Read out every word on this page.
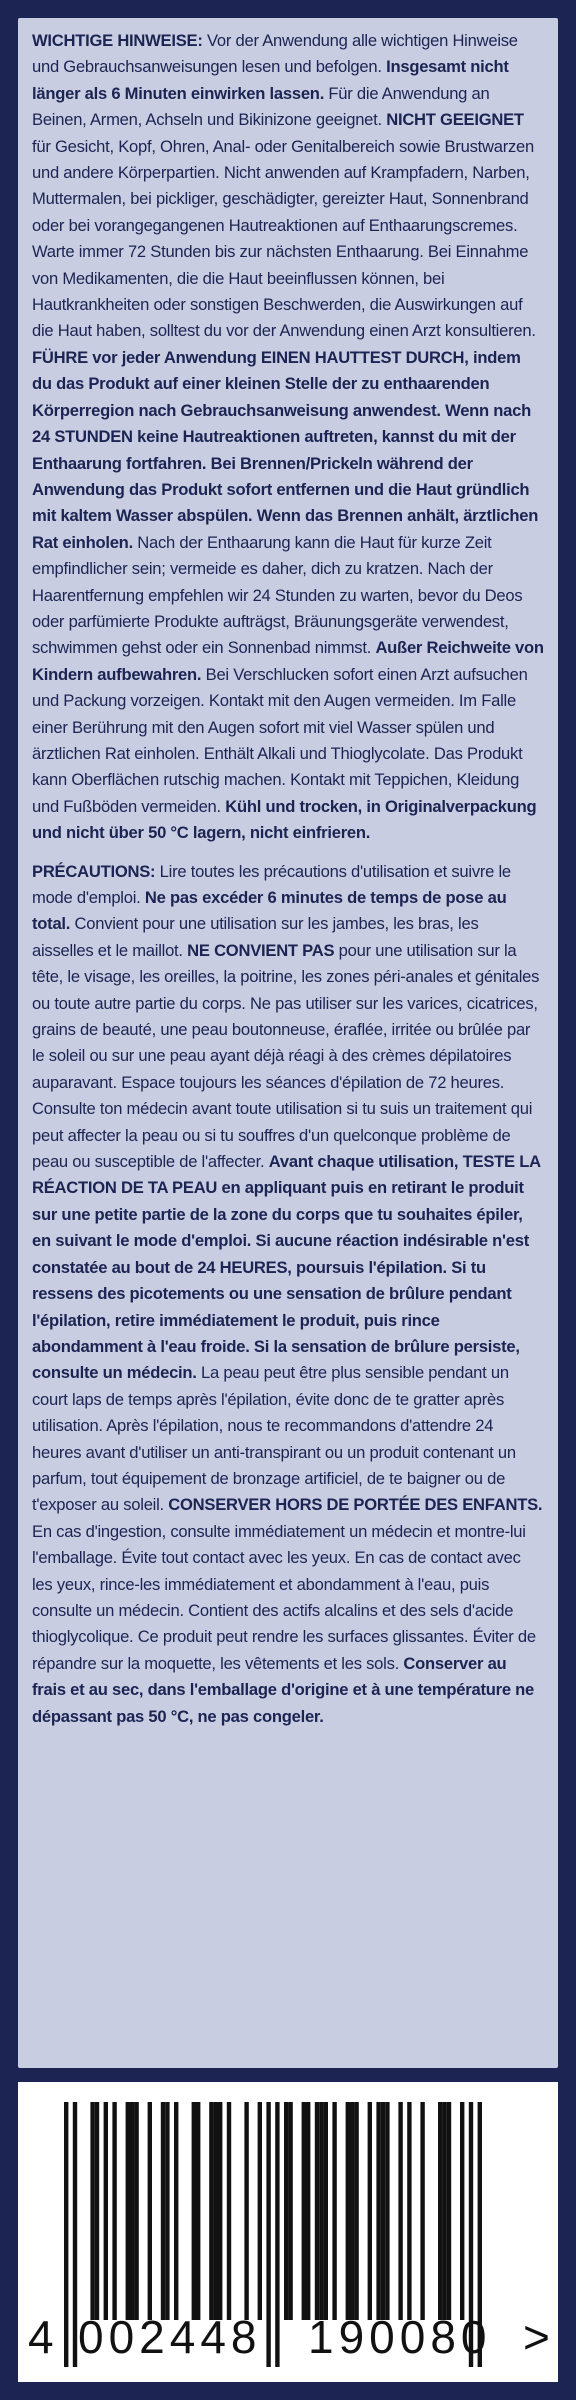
WICHTIGE HINWEISE: Vor der Anwendung alle wichtigen Hinweise und Gebrauchsanweisungen lesen und befolgen. Insgesamt nicht länger als 6 Minuten einwirken lassen. Für die Anwendung an Beinen, Armen, Achseln und Bikinizone geeignet. NICHT GEEIGNET für Gesicht, Kopf, Ohren, Anal- oder Genitalbereich sowie Brustwarzen und andere Körperpartien. Nicht anwenden auf Krampfadern, Narben, Muttermalen, bei pickliger, geschädigter, gereizter Haut, Sonnenbrand oder bei vorangegangenen Hautreaktionen auf Enthaarungscremes. Warte immer 72 Stunden bis zur nächsten Enthaarung. Bei Einnahme von Medikamenten, die die Haut beeinflussen können, bei Hautkrankheiten oder sonstigen Beschwerden, die Auswirkungen auf die Haut haben, solltest du vor der Anwendung einen Arzt konsultieren. FÜHRE vor jeder Anwendung EINEN HAUTTEST DURCH, indem du das Produkt auf einer kleinen Stelle der zu enthaarenden Körperregion nach Gebrauchsanweisung anwendest. Wenn nach 24 STUNDEN keine Hautreaktionen auftreten, kannst du mit der Enthaarung fortfahren. Bei Brennen/Prickeln während der Anwendung das Produkt sofort entfernen und die Haut gründlich mit kaltem Wasser abspülen. Wenn das Brennen anhält, ärztlichen Rat einholen. Nach der Enthaarung kann die Haut für kurze Zeit empfindlicher sein; vermeide es daher, dich zu kratzen. Nach der Haarentfernung empfehlen wir 24 Stunden zu warten, bevor du Deos oder parfümierte Produkte aufträgst, Bräunungsgeräte verwendest, schwimmen gehst oder ein Sonnenbad nimmst. Außer Reichweite von Kindern aufbewahren. Bei Verschlucken sofort einen Arzt aufsuchen und Packung vorzeigen. Kontakt mit den Augen vermeiden. Im Falle einer Berührung mit den Augen sofort mit viel Wasser spülen und ärztlichen Rat einholen. Enthält Alkali und Thioglycolate. Das Produkt kann Oberflächen rutschig machen. Kontakt mit Teppichen, Kleidung und Fußböden vermeiden. Kühl und trocken, in Originalverpackung und nicht über 50 °C lagern, nicht einfrieren.

PRÉCAUTIONS: Lire toutes les précautions d'utilisation et suivre le mode d'emploi. Ne pas excéder 6 minutes de temps de pose au total. Convient pour une utilisation sur les jambes, les bras, les aisselles et le maillot. NE CONVIENT PAS pour une utilisation sur la tête, le visage, les oreilles, la poitrine, les zones péri-anales et génitales ou toute autre partie du corps. Ne pas utiliser sur les varices, cicatrices, grains de beauté, une peau boutonneuse, éraflée, irritée ou brûlée par le soleil ou sur une peau ayant déjà réagi à des crèmes dépilatoires auparavant. Espace toujours les séances d'épilation de 72 heures. Consulte ton médecin avant toute utilisation si tu suis un traitement qui peut affecter la peau ou si tu souffres d'un quelconque problème de peau ou susceptible de l'affecter. Avant chaque utilisation, TESTE LA RÉACTION DE TA PEAU en appliquant puis en retirant le produit sur une petite partie de la zone du corps que tu souhaites épiler, en suivant le mode d'emploi. Si aucune réaction indésirable n'est constatée au bout de 24 HEURES, poursuis l'épilation. Si tu ressens des picotements ou une sensation de brûlure pendant l'épilation, retire immédiatement le produit, puis rince abondamment à l'eau froide. Si la sensation de brûlure persiste, consulte un médecin. La peau peut être plus sensible pendant un court laps de temps après l'épilation, évite donc de te gratter après utilisation. Après l'épilation, nous te recommandons d'attendre 24 heures avant d'utiliser un anti-transpirant ou un produit contenant un parfum, tout équipement de bronzage artificiel, de te baigner ou de t'exposer au soleil. CONSERVER HORS DE PORTÉE DES ENFANTS. En cas d'ingestion, consulte immédiatement un médecin et montre-lui l'emballage. Évite tout contact avec les yeux. En cas de contact avec les yeux, rince-les immédiatement et abondamment à l'eau, puis consulte un médecin. Contient des actifs alcalins et des sels d'acide thioglycolique. Ce produit peut rendre les surfaces glissantes. Éviter de répandre sur la moquette, les vêtements et les sols. Conserver au frais et au sec, dans l'emballage d'origine et à une température ne dépassant pas 50 °C, ne pas congeler.

4 002448 190080 >
